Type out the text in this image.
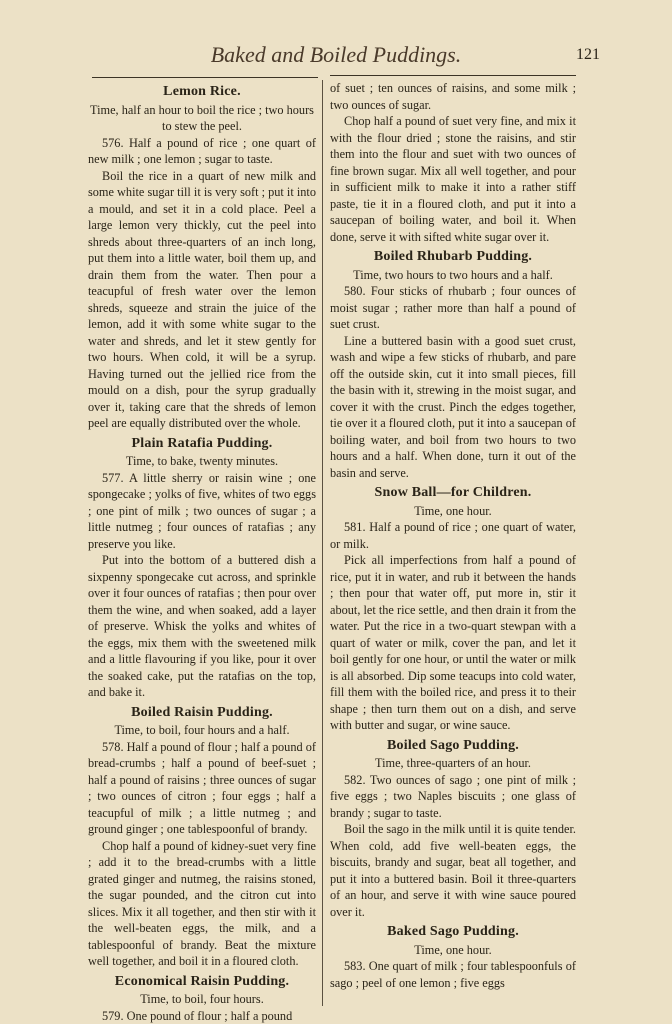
Baked and Boiled Puddings.	121
Lemon Rice.

Time, half an hour to boil the rice ; two hours to stew the peel.

576. Half a pound of rice ; one quart of new milk ; one lemon ; sugar to taste.

Boil the rice in a quart of new milk and some white sugar till it is very soft ; put it into a mould, and set it in a cold place. Peel a large lemon very thickly, cut the peel into shreds about three-quarters of an inch long, put them into a little water, boil them up, and drain them from the water. Then pour a teacupful of fresh water over the lemon shreds, squeeze and strain the juice of the lemon, add it with some white sugar to the water and shreds, and let it stew gently for two hours. When cold, it will be a syrup. Having turned out the jellied rice from the mould on a dish, pour the syrup gradually over it, taking care that the shreds of lemon peel are equally distributed over the whole.

Plain Ratafia Pudding.

Time, to bake, twenty minutes.

577. A little sherry or raisin wine ; one spongecake ; yolks of five, whites of two eggs ; one pint of milk ; two ounces of sugar ; a little nutmeg ; four ounces of ratafias ; any preserve you like.

Put into the bottom of a buttered dish a sixpenny spongecake cut across, and sprinkle over it four ounces of ratafias ; then pour over them the wine, and when soaked, add a layer of preserve. Whisk the yolks and whites of the eggs, mix them with the sweetened milk and a little flavouring if you like, pour it over the soaked cake, put the ratafias on the top, and bake it.

Boiled Raisin Pudding.

Time, to boil, four hours and a half.

578. Half a pound of flour ; half a pound of bread-crumbs ; half a pound of beef-suet ; half a pound of raisins ; three ounces of sugar ; two ounces of citron ; four eggs ; half a teacupful of milk ; a little nutmeg ; and ground ginger ; one tablespoonful of brandy.

Chop half a pound of kidney-suet very fine ; add it to the bread-crumbs with a little grated ginger and nutmeg, the raisins stoned, the sugar pounded, and the citron cut into slices. Mix it all together, and then stir with it the well-beaten eggs, the milk, and a tablespoonful of brandy. Beat the mixture well together, and boil it in a floured cloth.

Economical Raisin Pudding.

Time, to boil, four hours.

579. One pound of flour ; half a pound

of suet ; ten ounces of raisins, and some milk ; two ounces of sugar.

Chop half a pound of suet very fine, and mix it with the flour dried ; stone the raisins, and stir them into the flour and suet with two ounces of fine brown sugar. Mix all well together, and pour in sufficient milk to make it into a rather stiff paste, tie it in a floured cloth, and put it into a saucepan of boiling water, and boil it. When done, serve it with sifted white sugar over it.

Boiled Rhubarb Pudding.

Time, two hours to two hours and a half.

580. Four sticks of rhubarb ; four ounces of moist sugar ; rather more than half a pound of suet crust.

Line a buttered basin with a good suet crust, wash and wipe a few sticks of rhubarb, and pare off the outside skin, cut it into small pieces, fill the basin with it, strewing in the moist sugar, and cover it with the crust. Pinch the edges together, tie over it a floured cloth, put it into a saucepan of boiling water, and boil from two hours to two hours and a half. When done, turn it out of the basin and serve.

Snow Ball—for Children.

Time, one hour.

581. Half a pound of rice ; one quart of water, or milk.

Pick all imperfections from half a pound of rice, put it in water, and rub it between the hands ; then pour that water off, put more in, stir it about, let the rice settle, and then drain it from the water. Put the rice in a two-quart stewpan with a quart of water or milk, cover the pan, and let it boil gently for one hour, or until the water or milk is all absorbed. Dip some teacups into cold water, fill them with the boiled rice, and press it to their shape ; then turn them out on a dish, and serve with butter and sugar, or wine sauce.

Boiled Sago Pudding.

Time, three-quarters of an hour.

582. Two ounces of sago ; one pint of milk ; five eggs ; two Naples biscuits ; one glass of brandy ; sugar to taste.

Boil the sago in the milk until it is quite tender. When cold, add five well-beaten eggs, the biscuits, brandy and sugar, beat all together, and put it into a buttered basin. Boil it three-quarters of an hour, and serve it with wine sauce poured over it.

Baked Sago Pudding.

Time, one hour.

583. One quart of milk ; four tablespoonfuls of sago ; peel of one lemon ; five eggs
